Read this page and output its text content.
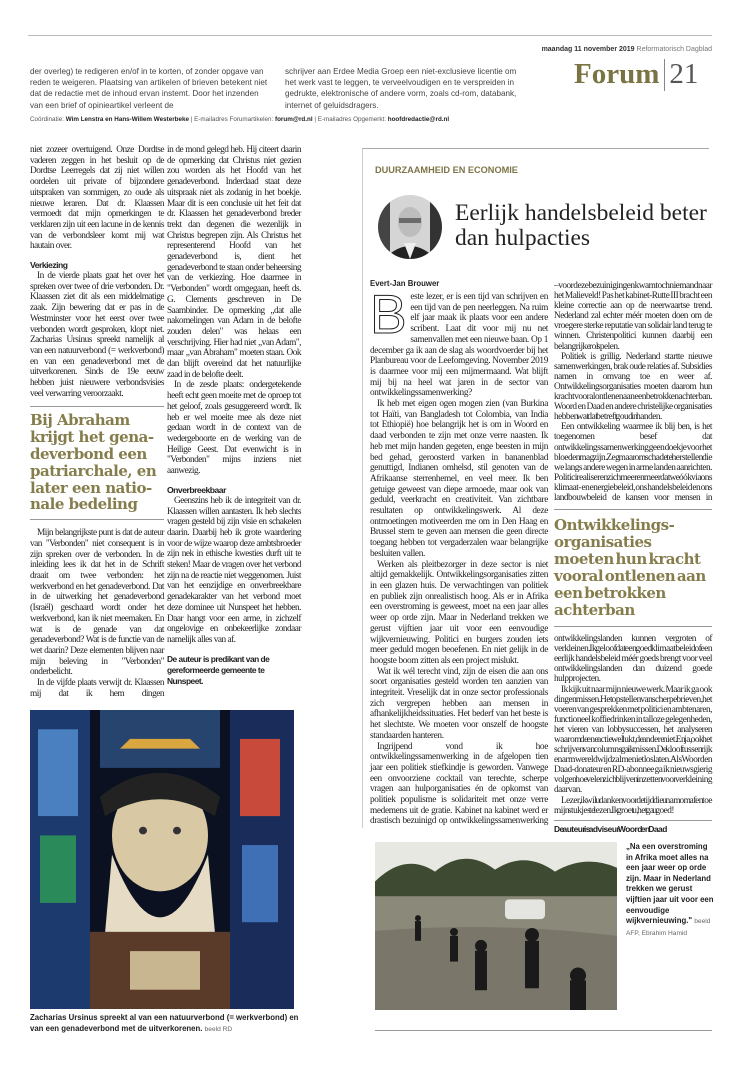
maandag 11 november 2019 Reformatorisch Dagblad
der overleg) te redigeren en/of in te korten, of zonder opgave van reden te weigeren. Plaatsing van artikelen of brieven betekent niet dat de redactie met de inhoud ervan instemt. Door het inzenden van een brief of opinieartikel verleent de
schrijver aan Erdee Media Groep een niet-exclusieve licentie om het werk vast te leggen, te verveelvoudigen en te verspreiden in gedrukte, elektronische of andere vorm, zoals cd-rom, databank, internet of geluidsdragers.
Forum 21
Coördinatie: Wim Lenstra en Hans-Willem Westerbeke | E-mailadres Forumartikelen: forum@rd.nl | E-mailadres Opgemerkt: hoofdredactie@rd.nl

niet zozeer overtuigend. Onze Dordtse vaderen zeggen in het besluit op de Dordtse Leerregels dat zij niet willen oordelen uit private of bijzondere uitspraken van sommigen, zo oude als nieuwe leraren. Dat dr. Klaassen vermoedt dat mijn opmerkingen te verklaren zijn uit een lacune in de kennis van de verbondsleer komt mij wat hautain over.

Verkiezing

In de vierde plaats gaat het over het spreken over twee of drie verbonden. Dr. Klaassen ziet dit als een middelmatige zaak. Zijn bewering dat er pas in de Westminster voor het eerst over twee verbonden wordt gesproken, klopt niet. Zacharias Ursinus spreekt namelijk al van een natuurverbond (= werkverbond) en van een genadeverbond met de uitverkorenen. Sinds de 19e eeuw hebben juist nieuwere verbondsvisies veel verwarring veroorzaakt.

Bij Abraham krijgt het genadeverbond een patriarchale, en later een nationale bedeling

Mijn belangrijkste punt is dat de auteur van "Verbonden" niet consequent is in zijn spreken over de verbonden. In de inleiding lees ik dat het in de Schrift draait om twee verbonden: het werkverbond en het genadeverbond. Dat in de uitwerking het genadeverbond (Israël) geschaard wordt onder het werkverbond, kan ik niet meemaken. En wat is de genade van dat genadeverbond? Wat is de functie van de wet daarin? Deze elementen blijven naar mijn beleving in "Verbonden" onderbelicht.

In de vijfde plaats verwijt dr. Klaassen mij dat ik hem dingen

in de mond gelegd heb. Hij citeert daarin de opmerking dat Christus niet gezien zou worden als het Hoofd van het genadeverbond. Inderdaad staat deze uitspraak niet als zodanig in het boekje. Maar dit is een conclusie uit het feit dat dr. Klaassen het genadeverbond breder trekt dan degenen die wezenlijk in Christus begrepen zijn. Als Christus het representerend Hoofd van het genadeverbond is, dient het genadeverbond te staan onder beheersing van de verkiezing. Hoe daarmee in "Verbonden" wordt omgegaan, heeft ds. G. Clements geschreven in De Saambinder. De opmerking „dat alle nakomelingen van Adam in de belofte zouden delen" was helaas een verschrijving. Hier had niet „van Adam", maar „van Abraham" moeten staan. Ook dan blijft overeind dat het natuurlijke zaad in de belofte deelt.

In de zesde plaats: ondergetekende heeft echt geen moeite met de oproep tot het geloof, zoals gesuggereerd wordt. Ik heb er wel moeite mee als deze niet gedaan wordt in de context van de wedergeboorte en de werking van de Heilige Geest. Dat evenwicht is in "Verbonden" mijns inziens niet aanwezig.

Onverbreekbaar

Geenszins heb ik de integriteit van dr. Klaassen willen aantasten. Ik heb slechts vragen gesteld bij zijn visie en schakelen daarin. Daarbij heb ik grote waardering voor de wijze waarop deze ambtsbroeder zijn nek in ethische kwesties durft uit te steken! Maar de vragen over het verbond zijn na de reactie niet weggenomen. Juist van het eenzijdige en onverbreekbare genadekarakter van het verbond moet deze dominee uit Nunspeet het hebben. Daar hangt voor een arme, in zichzelf ongelovige en onbekeerlijke zondaar namelijk alles van af.

De auteur is predikant van de gereformeerde gemeente te Nunspeet.
Zacharias Ursinus spreekt al van een natuurverbond (= werkverbond) en van een genadeverbond met de uitverkorenen. beeld RD
DUURZAAMHEID EN ECONOMIE
Eerlijk handelsbeleid beter dan hulpacties
Evert-Jan Brouwer

Beste lezer, er is een tijd van schrijven en een tijd van de pen neerleggen. Na ruim elf jaar maak ik plaats voor een andere scribent. Laat dit voor mij nu net samenvallen met een nieuwe baan. Op 1 december ga ik aan de slag als woordvoerder bij het Planbureau voor de Leefomgeving. November 2019 is daarmee voor mij een mijmermaand. Wat blijft mij bij na heel wat jaren in de sector van ontwikkelingssamenwerking?

Ik heb met eigen ogen mogen zien (van Burkina tot Haïti, van Bangladesh tot Colombia, van India tot Ethiopië) hoe belangrijk het is om in Woord en daad verbonden te zijn met onze verre naasten. Ik heb met mijn handen gegeten, enge beesten in mijn bed gehad, geroosterd varken in bananenblad genuttigd, Indianen omhelsd, stil genoten van de Afrikaanse sterrenhemel, en veel meer. Ik ben getuige geweest van diepe armoede, maar ook van geduld, veerkracht en creativiteit. Van zichtbare resultaten op ontwikkelingswerk. Al deze ontmoetingen motiveerden me om in Den Haag en Brussel stem te geven aan mensen die geen directe toegang hebben tot vergaderzalen waar belangrijke besluiten vallen.

Werken als pleitbezorger in deze sector is niet altijd gemakkelijk. Ontwikkelingsorganisaties zitten in een glazen huis. De verwachtingen van politiek en publiek zijn onrealistisch hoog. Als er in Afrika een overstroming is geweest, moet na een jaar alles weer op orde zijn. Maar in Nederland trekken we gerust vijftien jaar uit voor een eenvoudige wijkvernieuwing. Politici en burgers zouden iets meer geduld mogen beoefenen. En niet gelijk in de hoogste boom zitten als een project mislukt.

Wat ik wél terecht vind, zijn de eisen die aan ons soort organisaties gesteld worden ten aanzien van integriteit. Vreselijk dat in onze sector professionals zich vergrepen hebben aan mensen in afhankelijkheidssituaties. Het bederf van het beste is het slechtste. We moeten voor onszelf de hoogste standaarden hanteren.

Ingrijpend vond ik hoe ontwikkelingssamenwerking in de afgelopen tien jaar een politiek stiefkindje is geworden. Vanwege een onvoorziene cocktail van terechte, scherpe vragen aan hulporganisaties én de opkomst van politiek populisme is solidariteit met onze verre medemens uit de gratie. Kabinet na kabinet werd er drastisch bezuinigd op ontwikkelingssamenwerking

– voor deze bezuinigingen kwam toch niemand naar het Malieveld! Pas het kabinet-Rutte III bracht een kleine correctie aan op de neerwaartse trend. Nederland zal echter méér moeten doen om de vroegere sterke reputatie van solidair land terug te winnen. Christenpolitici kunnen daarbij een belangrijke rol spelen.

Politiek is grillig. Nederland startte nieuwe samenwerkingen, brak oude relaties af. Subsidies namen in omvang toe en weer af. Ontwikkelingsorganisaties moeten daarom hun kracht vooral ontlenen aan een betrokken achterban. Woord en Daad en andere christelijke organisaties hebben wat dat betreft goud in handen.

Een ontwikkeling waarmee ik blij ben, is het toegenomen besef dat ontwikkelingssamenwerking geen doekje voor het bloeden mag zijn. Zeg maar om schade te herstellen die we langs andere wegen in arme landen aanrichten. Politici realiseren zich meer en meer dat we óók via ons klimaat- en energiebeleid, ons handelsbeleid en ons landbouwbeleid de kansen voor mensen in

Ontwikkelingsorganisaties moeten hun kracht vooral ontlenen aan een betrokken achterban

ontwikkelingslanden kunnen vergroten of verkleinen. Ik geloof dat een goed klimaatbeleid of een eerlijk handelsbeleid méér goeds brengt voor veel ontwikkelingslanden dan duizend goede hulpprojecten.

Ik kijk uit naar mijn nieuwe werk. Maar ik ga ook dingen missen. Het opstellen van scherpe brieven, het voeren van gesprekken met politici en ambtenaren, functioneel koffiedrinken in talloze gelegenheden, het vieren van lobbysuccessen, het analyseren waarom de ene actie wel lukt, de andere niet. En ja, ook het schrijven van columns ga ik missen. De kloof tussen rijk en arm wereldwijd zal me niet loslaten. Als Woord en Daad-donateur en RD-abonnee ga ik nieuwsgierig volgen hoe velen zich blijven inzetten voor verkleining daarvan.

Lezer, ik wil u danken voor de tijd die u nam om af en toe mijn stukjes te lezen. Ik groet u, het ga u goed!

De auteur is adviseur Woord en Daad
„Na een overstroming in Afrika moet alles na een jaar weer op orde zijn. Maar in Nederland trekken we gerust vijftien jaar uit voor een eenvoudige wijkvernieuwing." beeld AFP, Ebrahim Hamid
